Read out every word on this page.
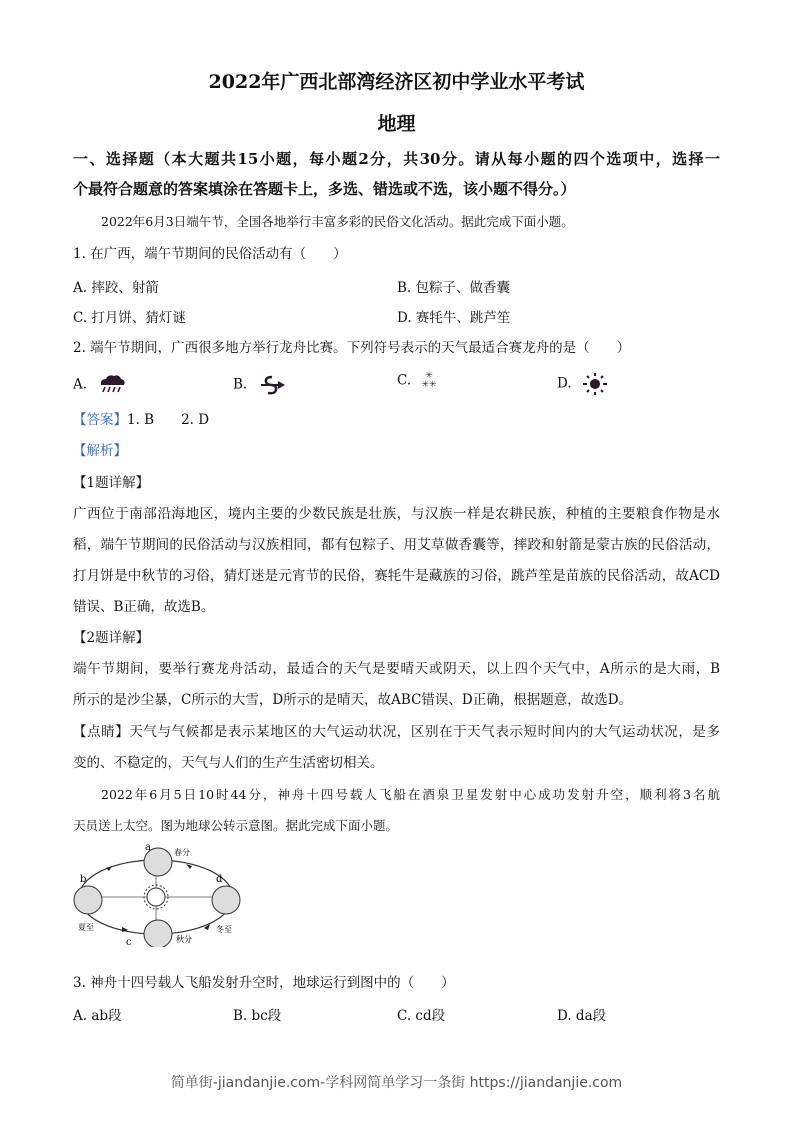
2022年广西北部湾经济区初中学业水平考试
地理
一、选择题（本大题共15小题，每小题2分，共30分。请从每小题的四个选项中，选择一
个最符合题意的答案填涂在答题卡上，多选、错选或不选，该小题不得分。）
2022年6月3日端午节，全国各地举行丰富多彩的民俗文化活动。据此完成下面小题。
1. 在广西，端午节期间的民俗活动有（　　）
A. 摔跤、射箭	B. 包粽子、做香囊
C. 打月饼、猜灯谜	D. 赛牦牛、跳芦笙
2. 端午节期间，广西很多地方举行龙舟比赛。下列符号表示的天气最适合赛龙舟的是（　　）
A.	B.	C. ✳
✳✳	D.
【答案】1. B　　2. D
【解析】
【1题详解】
广西位于南部沿海地区，境内主要的少数民族是壮族，与汉族一样是农耕民族，种植的主要粮食作物是水
稻，端午节期间的民俗活动与汉族相同，都有包粽子、用艾草做香囊等，摔跤和射箭是蒙古族的民俗活动，
打月饼是中秋节的习俗，猜灯迷是元宵节的民俗，赛牦牛是藏族的习俗，跳芦笙是苗族的民俗活动，故ACD
错误、B正确，故选B。
【2题详解】
端午节期间，要举行赛龙舟活动，最适合的天气是要晴天或阴天，以上四个天气中，A所示的是大雨，B
所示的是沙尘暴，C所示的大雪，D所示的是晴天，故ABC错误、D正确，根据题意，故选D。
【点睛】天气与气候都是表示某地区的大气运动状况，区别在于天气表示短时间内的大气运动状况，是多
变的、不稳定的，天气与人们的生产生活密切相关。
2022年6月5日10时44分，神舟十四号载人飞船在酒泉卫星发射中心成功发射升空，顺利将3名航
天员送上太空。图为地球公转示意图。据此完成下面小题。
a
b
c
d
春分
夏至
秋分
冬至
3. 神舟十四号载人飞船发射升空时，地球运行到图中的（　　）
A. ab段	B. bc段	C. cd段	D. da段
简单街-jiandanjie.com-学科网简单学习一条街 https://jiandanjie.com
